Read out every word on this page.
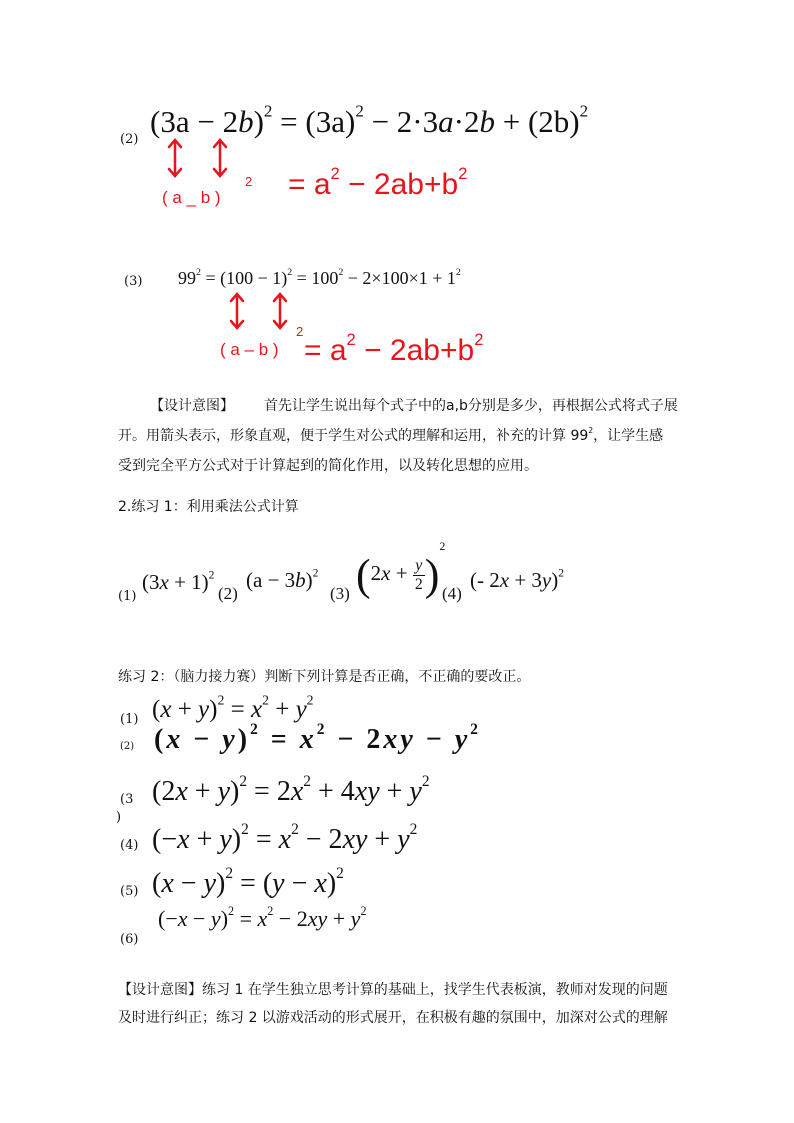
(2)
$(3a - 2b)^2 = (3a)^2 - 2\cdot 3a\cdot 2b + (2b)^2$
( a _ b )
$2 = a^2 - 2ab+b^2$
(3) $99^2 = (100 - 1)^2 = 100^2 - 2\times 100\times 1 + 1^2$
( a – b )
2
= $a^2 - 2ab+b^2$
【设计意图】 首先让学生说出每个式子中的a,b分别是多少，再根据公式将式子展
开。用箭头表示，形象直观，便于学生对公式的理解和运用，补充的计算 $99^2$，让学生感
受到完全平方公式对于计算起到的简化作用，以及转化思想的应用。
2.练习 1：利用乘法公式计算
(1)
$(3x + 1)^2$
(2)
$(a - 3b)^2$
(3) $(2x + \frac{y}{2} )^2$
(4)
(- 2x + 3y)$^2$
练习 2：（脑力接力赛）判断下列计算是否正确，不正确的要改正。
(1) $(x + y)^2 = x^2 + y^2$
(2) $(x - y)^2 = x^2 - 2xy - y^2$
(3
)
$(2x + y)^2 = 2x^2 + 4xy + y^2$
(4) $(-x + y)^2 = x^2 - 2xy + y^2$
(5) $(x - y)^2 = (y - x)^2$
(6)
$(-x - y)^2 = x^2 - 2xy + y^2$
【设计意图】练习 1 在学生独立思考计算的基础上，找学生代表板演，教师对发现的问题
及时进行纠正；练习 2 以游戏活动的形式展开，在积极有趣的氛围中，加深对公式的理解
